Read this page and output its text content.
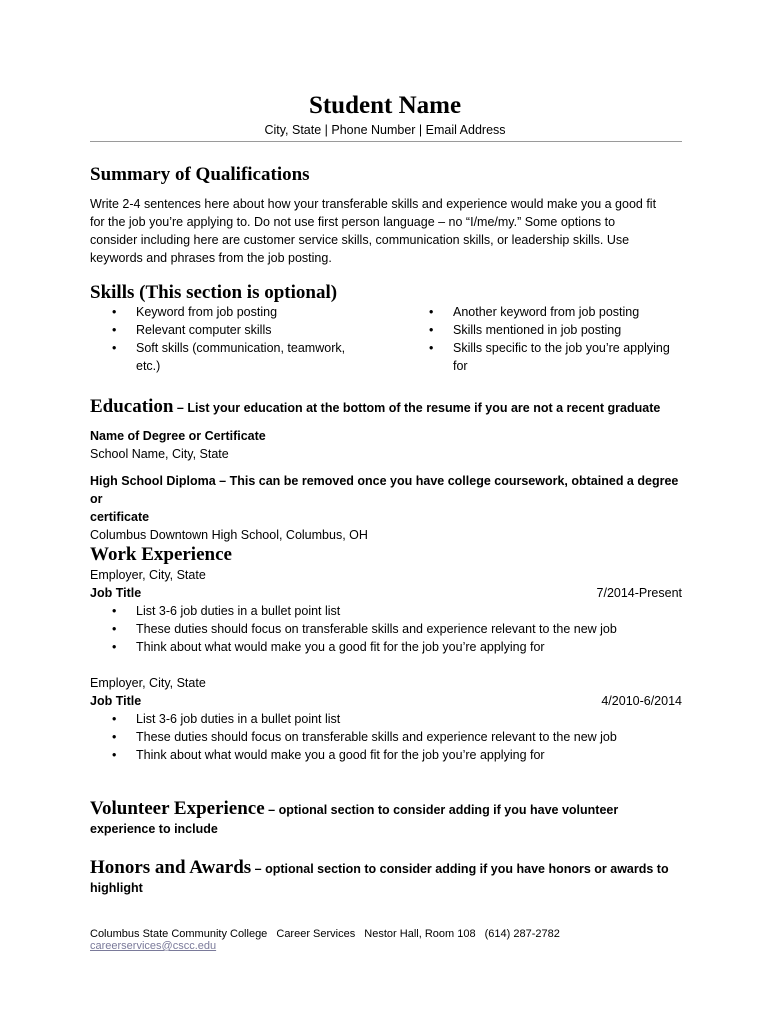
Student Name
City, State | Phone Number | Email Address
Summary of Qualifications
Write 2-4 sentences here about how your transferable skills and experience would make you a good fit
for the job you’re applying to. Do not use first person language – no “I/me/my.” Some options to
consider including here are customer service skills, communication skills, or leadership skills. Use
keywords and phrases from the job posting.
Skills (This section is optional)
• Keyword from job posting
• Relevant computer skills
• Soft skills (communication, teamwork,
etc.)
• Another keyword from job posting
• Skills mentioned in job posting
• Skills specific to the job you’re applying
for
Education – List your education at the bottom of the resume if you are not a recent graduate
Name of Degree or Certificate
School Name, City, State
High School Diploma – This can be removed once you have college coursework, obtained a degree or
certificate
Columbus Downtown High School, Columbus, OH
Work Experience
Employer, City, State
Job Title	7/2014-Present
• List 3-6 job duties in a bullet point list
• These duties should focus on transferable skills and experience relevant to the new job
• Think about what would make you a good fit for the job you’re applying for
Employer, City, State
Job Title	4/2010-6/2014
• List 3-6 job duties in a bullet point list
• These duties should focus on transferable skills and experience relevant to the new job
• Think about what would make you a good fit for the job you’re applying for
Volunteer Experience – optional section to consider adding if you have volunteer
experience to include
Honors and Awards – optional section to consider adding if you have honors or awards to
highlight
Columbus State Community College Career Services Nestor Hall, Room 108 (614) 287-2782 careerservices@cscc.edu
